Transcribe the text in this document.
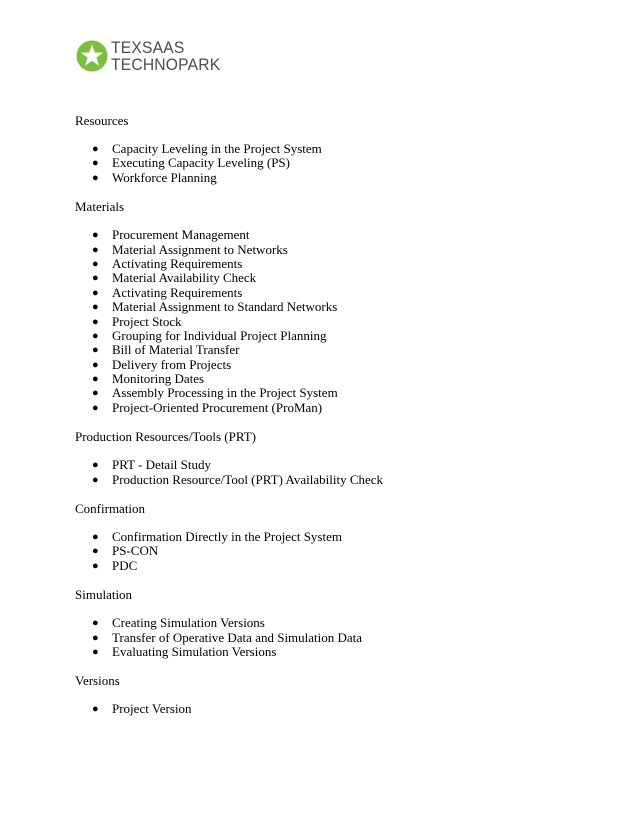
TEXSAAS
TECHNOPARK
Resources
● Capacity Leveling in the Project System
● Executing Capacity Leveling (PS)
● Workforce Planning
Materials
● Procurement Management
● Material Assignment to Networks
● Activating Requirements
● Material Availability Check
● Activating Requirements
● Material Assignment to Standard Networks
● Project Stock
● Grouping for Individual Project Planning
● Bill of Material Transfer
● Delivery from Projects
● Monitoring Dates
● Assembly Processing in the Project System
● Project-Oriented Procurement (ProMan)
Production Resources/Tools (PRT)
● PRT - Detail Study
● Production Resource/Tool (PRT) Availability Check
Confirmation
● Confirmation Directly in the Project System
● PS-CON
● PDC
Simulation
● Creating Simulation Versions
● Transfer of Operative Data and Simulation Data
● Evaluating Simulation Versions
Versions
● Project Version
